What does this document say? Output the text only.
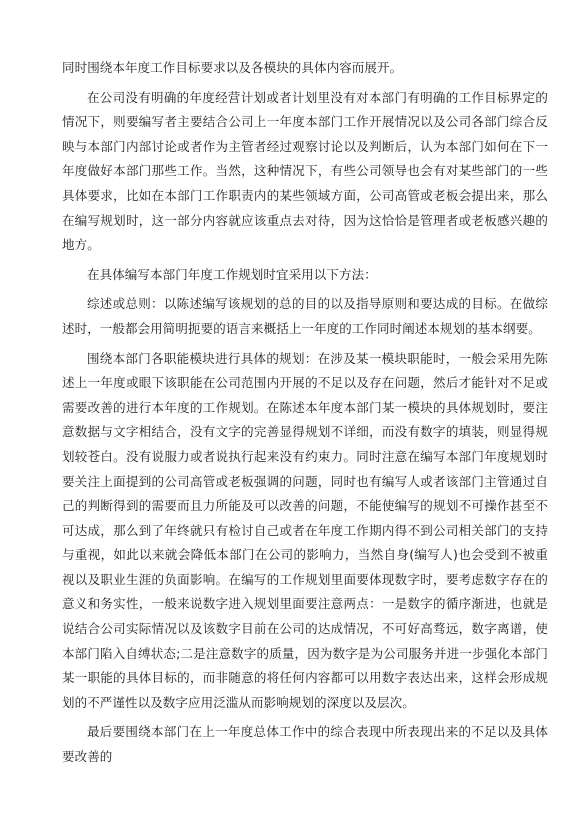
同时围绕本年度工作目标要求以及各模块的具体内容而展开。

在公司没有明确的年度经营计划或者计划里没有对本部门有明确的工作目标界定的情况下，则要编写者主要结合公司上一年度本部门工作开展情况以及公司各部门综合反映与本部门内部讨论或者作为主管者经过观察讨论以及判断后，认为本部门如何在下一年度做好本部门那些工作。当然，这种情况下，有些公司领导也会有对某些部门的一些具体要求，比如在本部门工作职责内的某些领域方面，公司高管或老板会提出来，那么在编写规划时，这一部分内容就应该重点去对待，因为这恰恰是管理者或老板感兴趣的地方。

在具体编写本部门年度工作规划时宜采用以下方法：

综述或总则：以陈述编写该规划的总的目的以及指导原则和要达成的目标。在做综述时，一般都会用简明扼要的语言来概括上一年度的工作同时阐述本规划的基本纲要。

围绕本部门各职能模块进行具体的规划：在涉及某一模块职能时，一般会采用先陈述上一年度或眼下该职能在公司范围内开展的不足以及存在问题，然后才能针对不足或需要改善的进行本年度的工作规划。在陈述本年度本部门某一模块的具体规划时，要注意数据与文字相结合，没有文字的完善显得规划不详细，而没有数字的填装，则显得规划较苍白。没有说服力或者说执行起来没有约束力。同时注意在编写本部门年度规划时要关注上面提到的公司高管或老板强调的问题，同时也有编写人或者该部门主管通过自己的判断得到的需要而且力所能及可以改善的问题，不能使编写的规划不可操作甚至不可达成，那么到了年终就只有检讨自己或者在年度工作期内得不到公司相关部门的支持与重视，如此以来就会降低本部门在公司的影响力，当然自身(编写人)也会受到不被重视以及职业生涯的负面影响。在编写的工作规划里面要体现数字时，要考虑数字存在的意义和务实性，一般来说数字进入规划里面要注意两点：一是数字的循序渐进，也就是说结合公司实际情况以及该数字目前在公司的达成情况，不可好高骛远，数字离谱，使本部门陷入自缚状态;二是注意数字的质量，因为数字是为公司服务并进一步强化本部门某一职能的具体目标的，而非随意的将任何内容都可以用数字表达出来，这样会形成规划的不严谨性以及数字应用泛滥从而影响规划的深度以及层次。

最后要围绕本部门在上一年度总体工作中的综合表现中所表现出来的不足以及具体要改善的
